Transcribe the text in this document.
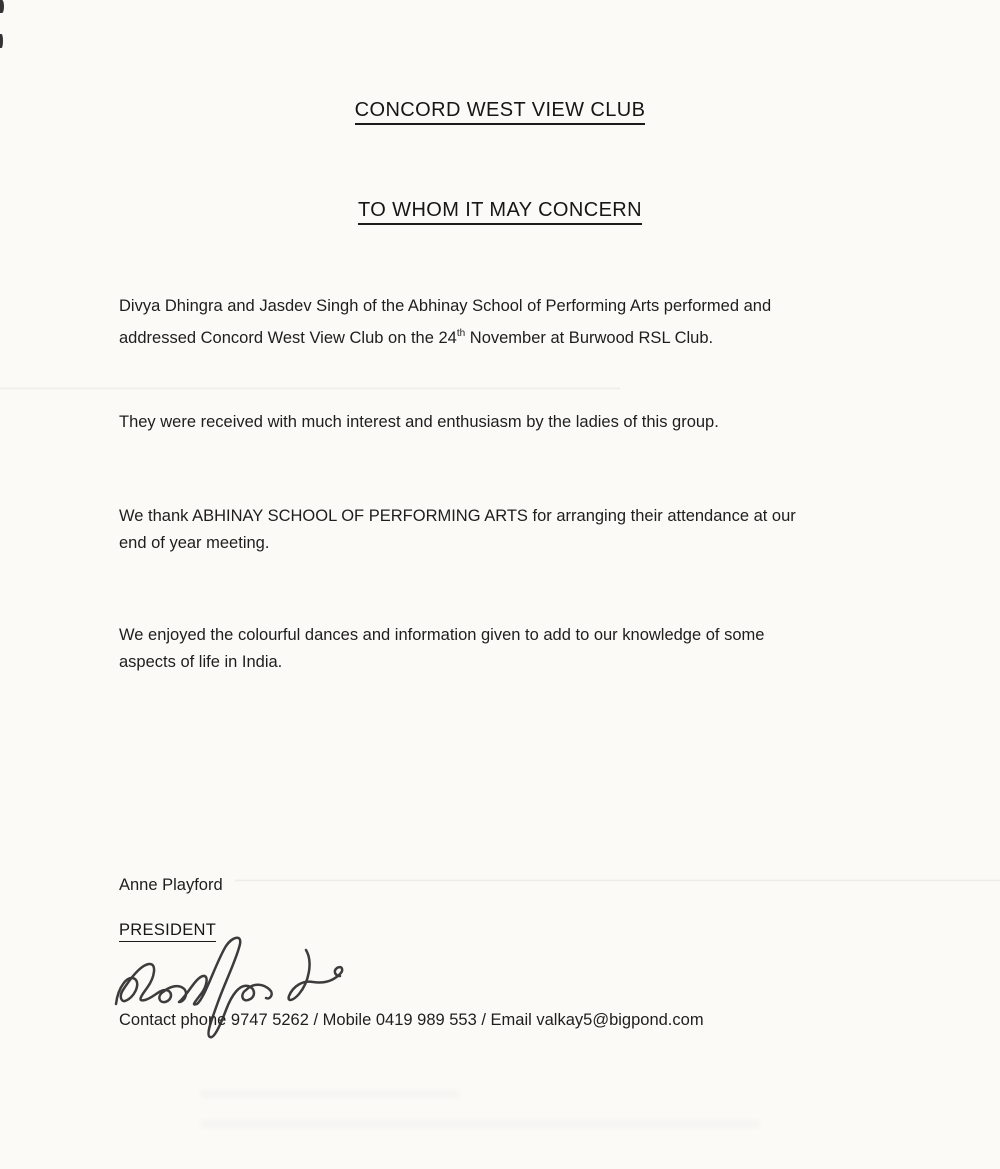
CONCORD WEST VIEW CLUB
TO WHOM IT MAY CONCERN
Divya Dhingra and Jasdev Singh of the Abhinay School of Performing Arts performed and
addressed Concord West View Club on the 24th November at Burwood RSL Club.
They were received with much interest and enthusiasm by the ladies of this group.
We thank ABHINAY SCHOOL OF PERFORMING ARTS for arranging their attendance at our
end of year meeting.
We enjoyed the colourful dances and information given to add to our knowledge of some
aspects of life in India.
Anne Playford
PRESIDENT
Contact phone 9747 5262 / Mobile 0419 989 553 / Email valkay5@bigpond.com
